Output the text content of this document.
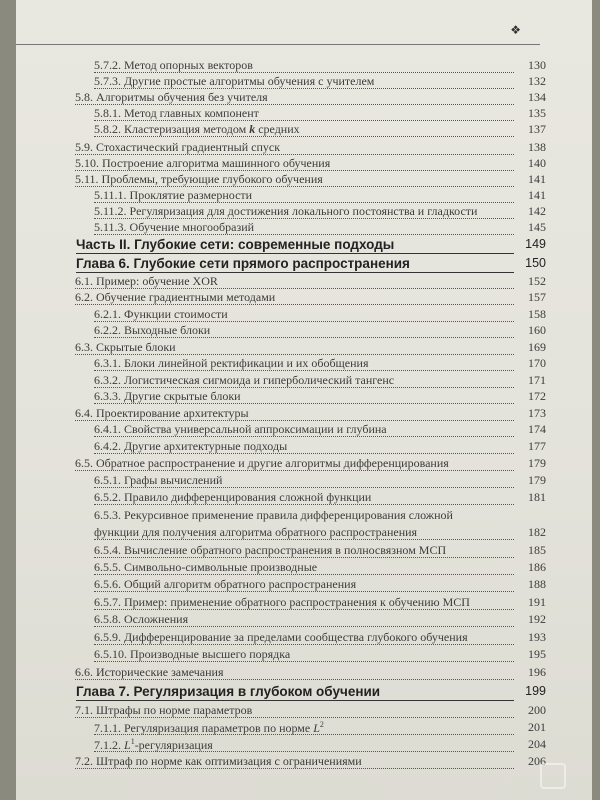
❖
5.7.2. Метод опорных векторов	130
5.7.3. Другие простые алгоритмы обучения с учителем	132
5.8. Алгоритмы обучения без учителя	134
5.8.1. Метод главных компонент	135
5.8.2. Кластеризация методом k средних	137
5.9. Стохастический градиентный спуск	138
5.10. Построение алгоритма машинного обучения	140
5.11. Проблемы, требующие глубокого обучения	141
5.11.1. Проклятие размерности	141
5.11.2. Регуляризация для достижения локального постоянства и гладкости	142
5.11.3. Обучение многообразий	145
Часть II. Глубокие сети: современные подходы	149
Глава 6. Глубокие сети прямого распространения	150
6.1. Пример: обучение XOR	152
6.2. Обучение градиентными методами	157
6.2.1. Функции стоимости	158
6.2.2. Выходные блоки	160
6.3. Скрытые блоки	169
6.3.1. Блоки линейной ректификации и их обобщения	170
6.3.2. Логистическая сигмоида и гиперболический тангенс	171
6.3.3. Другие скрытые блоки	172
6.4. Проектирование архитектуры	173
6.4.1. Свойства универсальной аппроксимации и глубина	174
6.4.2. Другие архитектурные подходы	177
6.5. Обратное распространение и другие алгоритмы дифференцирования	179
6.5.1. Графы вычислений	179
6.5.2. Правило дифференцирования сложной функции	181
6.5.3. Рекурсивное применение правила дифференцирования сложной
функции для получения алгоритма обратного распространения	182
6.5.4. Вычисление обратного распространения в полносвязном МСП	185
6.5.5. Символьно-символьные производные	186
6.5.6. Общий алгоритм обратного распространения	188
6.5.7. Пример: применение обратного распространения к обучению МСП	191
6.5.8. Осложнения	192
6.5.9. Дифференцирование за пределами сообщества глубокого обучения	193
6.5.10. Производные высшего порядка	195
6.6. Исторические замечания	196
Глава 7. Регуляризация в глубоком обучении	199
7.1. Штрафы по норме параметров	200
7.1.1. Регуляризация параметров по норме $L^2$	201
7.1.2. $L^1$-регуляризация	204
7.2. Штраф по норме как оптимизация с ограничениями	206
